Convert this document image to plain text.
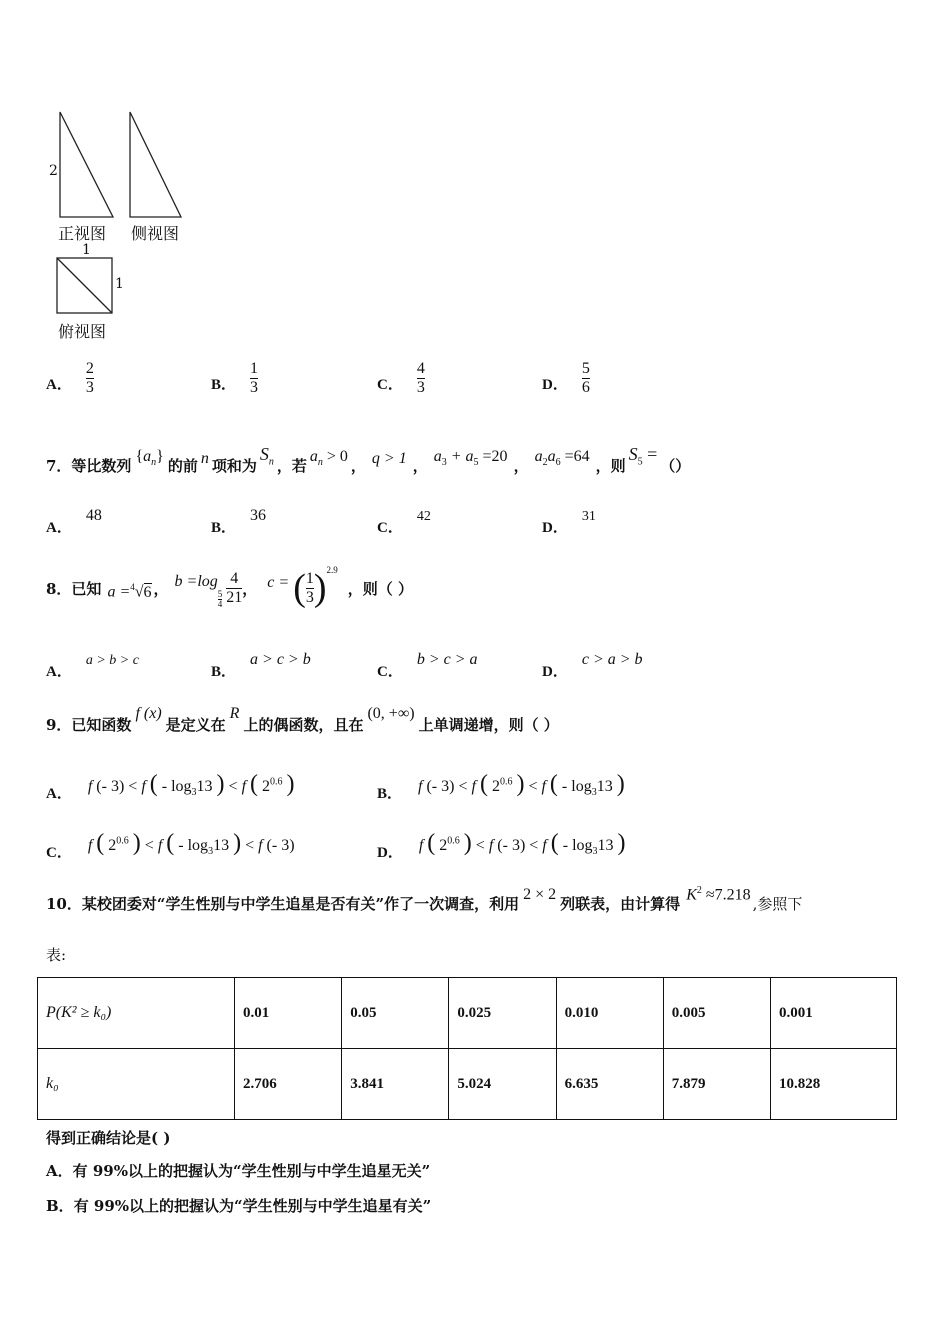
2
正视图 侧视图
1
1
俯视图
A． $\frac{2}{3}$	B． $\frac{1}{3}$	C． $\frac{4}{3}$	D． $\frac{5}{6}$
7．等比数列
$\{a_n\}$
的前 n 项和为
$S_n$ ，若
$a_n > 0$
， q > 1 ，
$a_3 + a_5 =20$
，
$a_2a_6 =64$
，则
$S_5$ =
（）
A．48
B．36
C．42
D．31
8．已知 a =$^4$√6 ， b =log
$\frac{5}{4} \frac{4}{21}$ ， c = ( $\frac{1}{3}$ ) 2.9
，则（ ）
A．a > b > c
B．a > c > b
C．b > c > a
D．c > a > b
9．已知函数
f (x)
是定义在
R
上的偶函数，且在
(0, +∞)
上单调递增，则（ ）
A． f (- 3) < f ( - $\log_313$ ) < f ( $2^{0.6}$ )	B． f (- 3) < f ( $2^{0.6}$ ) < f ( - $\log_313$ )
C． f ( $2^{0.6}$ ) < f ( - $\log_313$ ) < f (- 3)	D． f ( $2^{0.6}$ ) < f (- 3) < f ( - $\log_313$ )
10．某校团委对“学生性别与中学生追星是否有关”作了一次调查，利用
2 × 2
列联表，由计算得
$K^2 \approx 7.218$
,参照下
表:
P(K² ≥ k₀)	0.01	0.05	0.025	0.010	0.005	0.001
k₀	2.706	3.841	5.024	6.635	7.879	10.828
得到正确结论是( )
A．有 99%以上的把握认为“学生性别与中学生追星无关”
B．有 99%以上的把握认为“学生性别与中学生追星有关”
